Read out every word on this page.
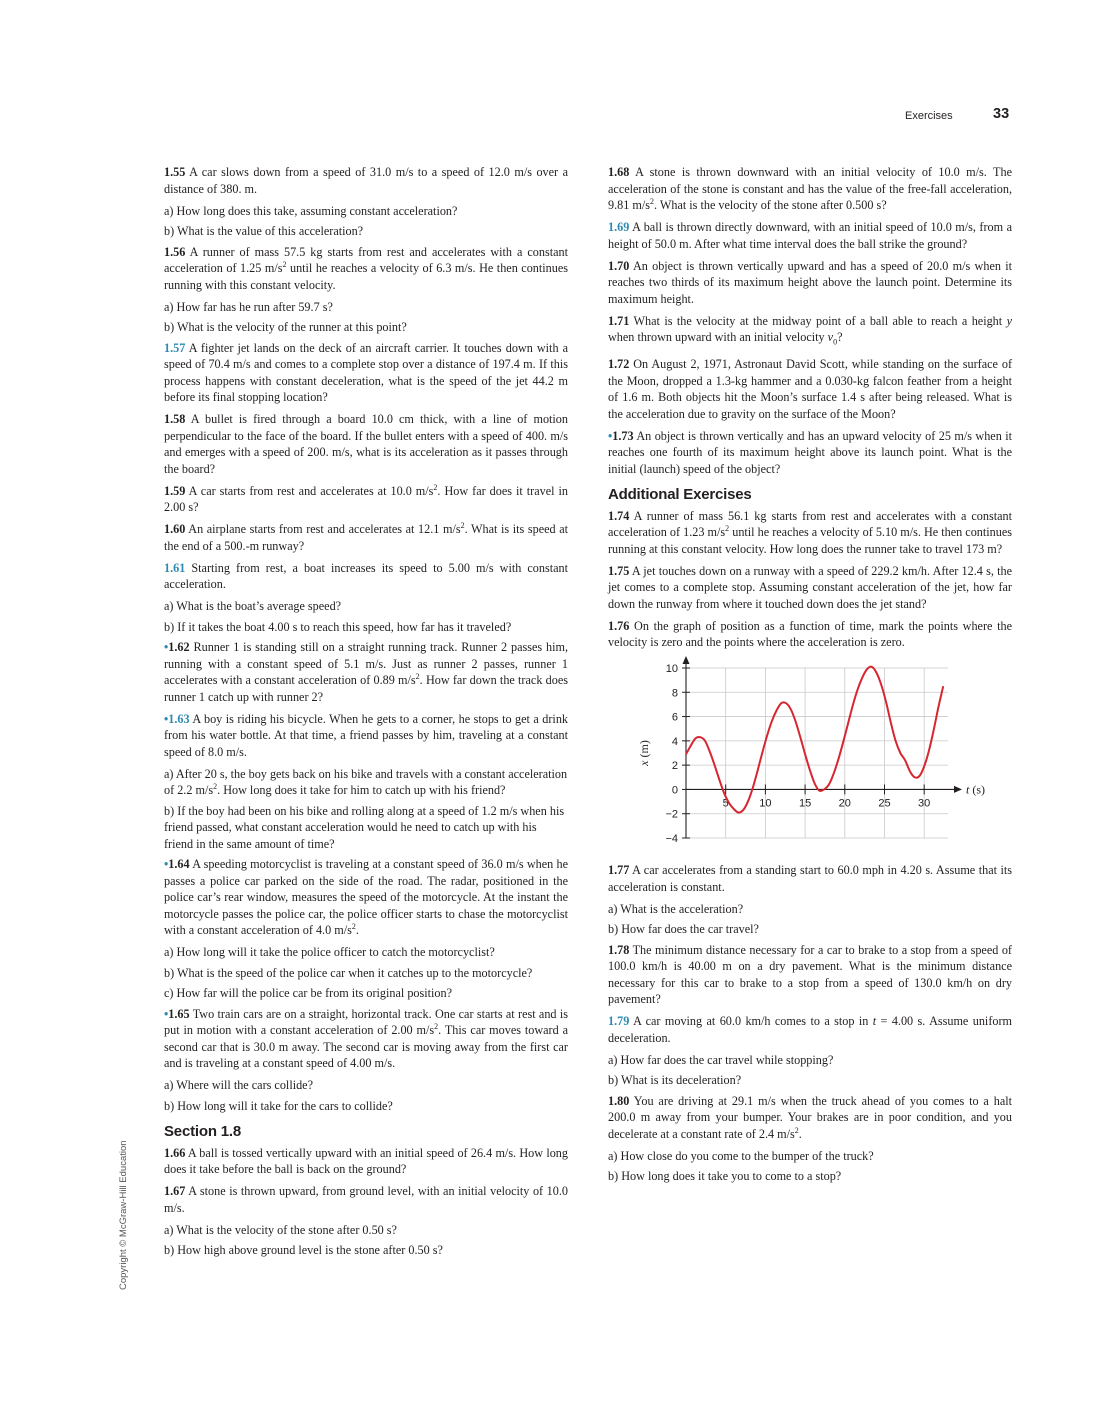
Exercises	33
Copyright © McGraw-Hill Education

1.55 A car slows down from a speed of 31.0 m/s to a speed of 12.0 m/s over a distance of 380. m.

a) How long does this take, assuming constant acceleration?

b) What is the value of this acceleration?

1.56 A runner of mass 57.5 kg starts from rest and accelerates with a constant acceleration of 1.25 $m/s^2$ until he reaches a velocity of 6.3 m/s. He then continues running with this constant velocity.

a) How far has he run after 59.7 s?

b) What is the velocity of the runner at this point?

1.57 A fighter jet lands on the deck of an aircraft carrier. It touches down with a speed of 70.4 m/s and comes to a complete stop over a distance of 197.4 m. If this process happens with constant deceleration, what is the speed of the jet 44.2 m before its final stopping location?

1.58 A bullet is fired through a board 10.0 cm thick, with a line of motion perpendicular to the face of the board. If the bullet enters with a speed of 400. m/s and emerges with a speed of 200. m/s, what is its acceleration as it passes through the board?

1.59 A car starts from rest and accelerates at 10.0 $m/s^2$. How far does it travel in 2.00 s?

1.60 An airplane starts from rest and accelerates at 12.1 $m/s^2$. What is its speed at the end of a 500.-m runway?

1.61 Starting from rest, a boat increases its speed to 5.00 m/s with constant acceleration.

a) What is the boat’s average speed?

b) If it takes the boat 4.00 s to reach this speed, how far has it traveled?

•1.62 Runner 1 is standing still on a straight running track. Runner 2 passes him, running with a constant speed of 5.1 m/s. Just as runner 2 passes, runner 1 accelerates with a constant acceleration of 0.89 $m/s^2$. How far down the track does runner 1 catch up with runner 2?

•1.63 A boy is riding his bicycle. When he gets to a corner, he stops to get a drink from his water bottle. At that time, a friend passes by him, traveling at a constant speed of 8.0 m/s.

a) After 20 s, the boy gets back on his bike and travels with a constant acceleration of 2.2 $m/s^2$. How long does it take for him to catch up with his friend?

b) If the boy had been on his bike and rolling along at a speed of 1.2 m/s when his friend passed, what constant acceleration would he need to catch up with his friend in the same amount of time?

•1.64 A speeding motorcyclist is traveling at a constant speed of 36.0 m/s when he passes a police car parked on the side of the road. The radar, positioned in the police car’s rear window, measures the speed of the motorcycle. At the instant the motorcycle passes the police car, the police officer starts to chase the motorcyclist with a constant acceleration of 4.0 $m/s^2$.

a) How long will it take the police officer to catch the motorcyclist?

b) What is the speed of the police car when it catches up to the motorcycle?

c) How far will the police car be from its original position?

•1.65 Two train cars are on a straight, horizontal track. One car starts at rest and is put in motion with a constant acceleration of 2.00 $m/s^2$. This car moves toward a second car that is 30.0 m away. The second car is moving away from the first car and is traveling at a constant speed of 4.00 m/s.

a) Where will the cars collide?

b) How long will it take for the cars to collide?

Section 1.8

1.66 A ball is tossed vertically upward with an initial speed of 26.4 m/s. How long does it take before the ball is back on the ground?

1.67 A stone is thrown upward, from ground level, with an initial velocity of 10.0 m/s.

a) What is the velocity of the stone after 0.50 s?

b) How high above ground level is the stone after 0.50 s?

1.68 A stone is thrown downward with an initial velocity of 10.0 m/s. The acceleration of the stone is constant and has the value of the free-fall acceleration, 9.81 $m/s^2$. What is the velocity of the stone after 0.500 s?

1.69 A ball is thrown directly downward, with an initial speed of 10.0 m/s, from a height of 50.0 m. After what time interval does the ball strike the ground?

1.70 An object is thrown vertically upward and has a speed of 20.0 m/s when it reaches two thirds of its maximum height above the launch point. Determine its maximum height.

1.71 What is the velocity at the midway point of a ball able to reach a height y when thrown upward with an initial velocity $v_0$?

1.72 On August 2, 1971, Astronaut David Scott, while standing on the surface of the Moon, dropped a 1.3-kg hammer and a 0.030-kg falcon feather from a height of 1.6 m. Both objects hit the Moon’s surface 1.4 s after being released. What is the acceleration due to gravity on the surface of the Moon?

•1.73 An object is thrown vertically and has an upward velocity of 25 m/s when it reaches one fourth of its maximum height above its launch point. What is the initial (launch) speed of the object?

Additional Exercises

1.74 A runner of mass 56.1 kg starts from rest and accelerates with a constant acceleration of 1.23 $m/s^2$ until he reaches a velocity of 5.10 m/s. He then continues running at this constant velocity. How long does the runner take to travel 173 m?

1.75 A jet touches down on a runway with a speed of 229.2 km/h. After 12.4 s, the jet comes to a complete stop. Assuming constant acceleration of the jet, how far down the runway from where it touched down does the jet stand?

1.76 On the graph of position as a function of time, mark the points where the velocity is zero and the points where the acceleration is zero.

5	10 15 20 25 30
10
8
6
4
2
0
−2
−4
t (s)
x (m)

1.77 A car accelerates from a standing start to 60.0 mph in 4.20 s. Assume that its acceleration is constant.

a) What is the acceleration?

b) How far does the car travel?

1.78 The minimum distance necessary for a car to brake to a stop from a speed of 100.0 km/h is 40.00 m on a dry pavement. What is the minimum distance necessary for this car to brake to a stop from a speed of 130.0 km/h on dry pavement?

1.79 A car moving at 60.0 km/h comes to a stop in t = 4.00 s. Assume uniform deceleration.

a) How far does the car travel while stopping?

b) What is its deceleration?

1.80 You are driving at 29.1 m/s when the truck ahead of you comes to a halt 200.0 m away from your bumper. Your brakes are in poor condition, and you decelerate at a constant rate of 2.4 $m/s^2$.

a) How close do you come to the bumper of the truck?

b) How long does it take you to come to a stop?
